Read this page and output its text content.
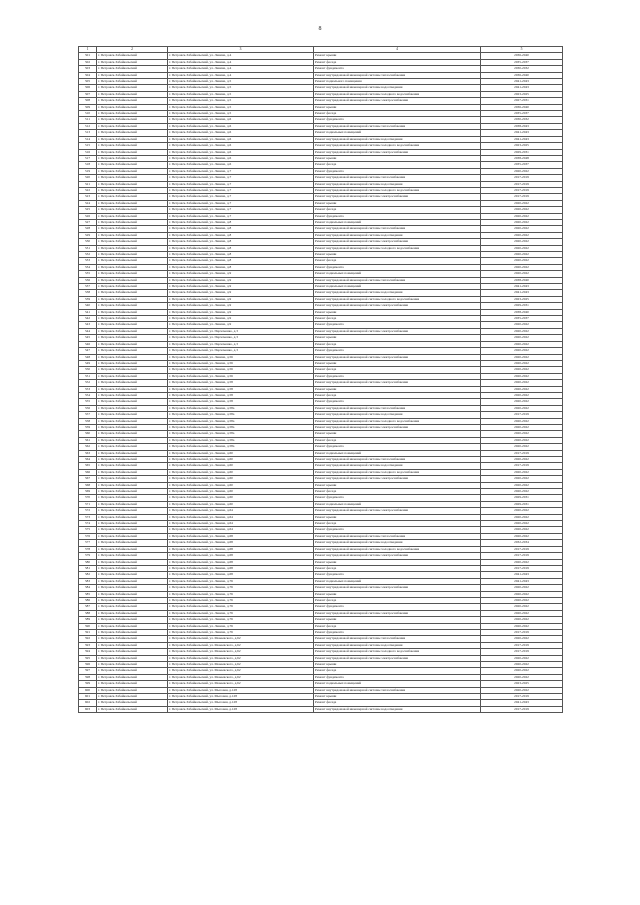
8
1	2	3	4	5
501	г. Петровск-Забайкальский	г. Петровск-Забайкальский, ул. Ленина, д.4	Ремонт крыши	2036-2040
502	г. Петровск-Забайкальский	г. Петровск-Забайкальский, ул. Ленина, д.4	Ремонт фасада	2035-2037
503	г. Петровск-Забайкальский	г. Петровск-Забайкальский, ул. Ленина, д.4	Ремонт фундамента	2030-2032
504	г. Петровск-Забайкальский	г. Петровск-Забайкальский, ул. Ленина, д.4	Ремонт внутридомовой инженерной системы теплоснабжения	2036-2040
505	г. Петровск-Забайкальский	г. Петровск-Забайкальский, ул. Ленина, д.5	Ремонт подвального помещения	2041-2043
506	г. Петровск-Забайкальский	г. Петровск-Забайкальский, ул. Ленина, д.5	Ремонт внутридомовой инженерной системы водоотведения	2041-2043
507	г. Петровск-Забайкальский	г. Петровск-Забайкальский, ул. Ленина, д.5	Ремонт внутридомовой инженерной системы холодного водоснабжения	2023-2025
508	г. Петровск-Забайкальский	г. Петровск-Забайкальский, ул. Ленина, д.5	Ремонт внутридомовой инженерной системы электроснабжения	2027-2031
509	г. Петровск-Забайкальский	г. Петровск-Забайкальский, ул. Ленина, д.5	Ремонт крыши	2036-2040
510	г. Петровск-Забайкальский	г. Петровск-Забайкальский, ул. Ленина, д.5	Ремонт фасада	2035-2037
511	г. Петровск-Забайкальский	г. Петровск-Забайкальский, ул. Ленина, д.6	Ремонт фундамента	2030-2032
512	г. Петровск-Забайкальский	г. Петровск-Забайкальский, ул. Ленина, д.6	Ремонт внутридомовой инженерной системы теплоснабжения	2038-2043
513	г. Петровск-Забайкальский	г. Петровск-Забайкальский, ул. Ленина, д.6	Ремонт подвальных помещений	2041-2043
514	г. Петровск-Забайкальский	г. Петровск-Забайкальский, ул. Ленина, д.6	Ремонт внутридомовой инженерной системы водоотведения	2041-2043
515	г. Петровск-Забайкальский	г. Петровск-Забайкальский, ул. Ленина, д.6	Ремонт внутридомовой инженерной системы холодного водоснабжения	2023-2025
516	г. Петровск-Забайкальский	г. Петровск-Забайкальский, ул. Ленина, д.6	Ремонт внутридомовой инженерной системы электроснабжения	2029-2031
517	г. Петровск-Забайкальский	г. Петровск-Забайкальский, ул. Ленина, д.6	Ремонт крыши	2038-2048
518	г. Петровск-Забайкальский	г. Петровск-Забайкальский, ул. Ленина, д.6	Ремонт фасада	2035-2037
519	г. Петровск-Забайкальский	г. Петровск-Забайкальский, ул. Ленина, д.7	Ремонт фундамента	2020-2022
520	г. Петровск-Забайкальский	г. Петровск-Забайкальский, ул. Ленина, д.7	Ремонт внутридомовой инженерной системы теплоснабжения	2017-2019
521	г. Петровск-Забайкальский	г. Петровск-Забайкальский, ул. Ленина, д.7	Ремонт внутридомовой инженерной системы водоотведения	2017-2019
522	г. Петровск-Забайкальский	г. Петровск-Забайкальский, ул. Ленина, д.7	Ремонт внутридомовой инженерной системы холодного водоснабжения	2017-2019
523	г. Петровск-Забайкальский	г. Петровск-Забайкальский, ул. Ленина, д.7	Ремонт внутридомовой инженерной системы электроснабжения	2017-2019
524	г. Петровск-Забайкальский	г. Петровск-Забайкальский, ул. Ленина, д.7	Ремонт крыши	2020-2022
525	г. Петровск-Забайкальский	г. Петровск-Забайкальский, ул. Ленина, д.7	Ремонт фасада	2020-2022
526	г. Петровск-Забайкальский	г. Петровск-Забайкальский, ул. Ленина, д.7	Ремонт фундамента	2020-2022
527	г. Петровск-Забайкальский	г. Петровск-Забайкальский, ул. Ленина, д.8	Ремонт подвальных помещений	2020-2022
528	г. Петровск-Забайкальский	г. Петровск-Забайкальский, ул. Ленина, д.8	Ремонт внутридомовой инженерной системы теплоснабжения	2020-2022
529	г. Петровск-Забайкальский	г. Петровск-Забайкальский, ул. Ленина, д.8	Ремонт внутридомовой инженерной системы водоотведения	2020-2022
530	г. Петровск-Забайкальский	г. Петровск-Забайкальский, ул. Ленина, д.8	Ремонт внутридомовой инженерной системы электроснабжения	2020-2022
531	г. Петровск-Забайкальский	г. Петровск-Забайкальский, ул. Ленина, д.8	Ремонт внутридомовой инженерной системы холодного водоснабжения	2020-2022
532	г. Петровск-Забайкальский	г. Петровск-Забайкальский, ул. Ленина, д.8	Ремонт крыши	2020-2022
533	г. Петровск-Забайкальский	г. Петровск-Забайкальский, ул. Ленина, д.8	Ремонт фасада	2020-2022
534	г. Петровск-Забайкальский	г. Петровск-Забайкальский, ул. Ленина, д.8	Ремонт фундамента	2020-2022
535	г. Петровск-Забайкальский	г. Петровск-Забайкальский, ул. Ленина, д.9	Ремонт подвальных помещений	2020-2022
536	г. Петровск-Забайкальский	г. Петровск-Забайкальский, ул. Ленина, д.9	Ремонт внутридомовой инженерной системы теплоснабжения	2038-2040
537	г. Петровск-Забайкальский	г. Петровск-Забайкальский, ул. Ленина, д.9	Ремонт подвальных помещений	2041-2043
538	г. Петровск-Забайкальский	г. Петровск-Забайкальский, ул. Ленина, д.9	Ремонт внутридомовой инженерной системы водоотведения	2041-2043
539	г. Петровск-Забайкальский	г. Петровск-Забайкальский, ул. Ленина, д.9	Ремонт внутридомовой инженерной системы холодного водоснабжения	2023-2025
540	г. Петровск-Забайкальский	г. Петровск-Забайкальский, ул. Ленина, д.9	Ремонт внутридомовой инженерной системы электроснабжения	2029-2031
541	г. Петровск-Забайкальский	г. Петровск-Забайкальский, ул. Ленина, д.9	Ремонт крыши	2038-2040
542	г. Петровск-Забайкальский	г. Петровск-Забайкальский, ул. Ленина, д.9	Ремонт фасада	2035-2037
543	г. Петровск-Забайкальский	г. Петровск-Забайкальский, ул. Ленина, д.9	Ремонт фундамента	2020-2022
544	г. Петровск-Забайкальский	г. Петровск-Забайкальский, ул. Пархоменко, д.3	Ремонт внутридомовой инженерной системы электроснабжения	2020-2022
545	г. Петровск-Забайкальский	г. Петровск-Забайкальский, ул. Пархоменко, д.3	Ремонт крыши	2020-2022
546	г. Петровск-Забайкальский	г. Петровск-Забайкальский, ул. Пархоменко, д.3	Ремонт фасада	2020-2022
547	г. Петровск-Забайкальский	г. Петровск-Забайкальский, ул. Пархоменко, д.3	Ремонт фундамента	2020-2022
548	г. Петровск-Забайкальский	г. Петровск-Забайкальский, ул. Ленина, д.56	Ремонт внутридомовой инженерной системы электроснабжения	2020-2022
549	г. Петровск-Забайкальский	г. Петровск-Забайкальский, ул. Ленина, д.56	Ремонт крыши	2020-2022
550	г. Петровск-Забайкальский	г. Петровск-Забайкальский, ул. Ленина, д.56	Ремонт фасада	2020-2022
551	г. Петровск-Забайкальский	г. Петровск-Забайкальский, ул. Ленина, д.56	Ремонт фундамента	2020-2022
552	г. Петровск-Забайкальский	г. Петровск-Забайкальский, ул. Ленина, д.58	Ремонт внутридомовой инженерной системы электроснабжения	2020-2022
553	г. Петровск-Забайкальский	г. Петровск-Забайкальский, ул. Ленина, д.58	Ремонт крыши	2020-2022
554	г. Петровск-Забайкальский	г. Петровск-Забайкальский, ул. Ленина, д.58	Ремонт фасада	2020-2022
555	г. Петровск-Забайкальский	г. Петровск-Забайкальский, ул. Ленина, д.58	Ремонт фундамента	2020-2022
556	г. Петровск-Забайкальский	г. Петровск-Забайкальский, ул. Ленина, д.58а	Ремонт внутридомовой инженерной системы теплоснабжения	2020-2022
557	г. Петровск-Забайкальский	г. Петровск-Забайкальский, ул. Ленина, д.58а	Ремонт внутридомовой инженерной системы водоотведения	2017-2019
558	г. Петровск-Забайкальский	г. Петровск-Забайкальский, ул. Ленина, д.58а	Ремонт внутридомовой инженерной системы холодного водоснабжения	2020-2022
559	г. Петровск-Забайкальский	г. Петровск-Забайкальский, ул. Ленина, д.58а	Ремонт внутридомовой инженерной системы электроснабжения	2020-2022
560	г. Петровск-Забайкальский	г. Петровск-Забайкальский, ул. Ленина, д.58а	Ремонт крыши	2020-2022
561	г. Петровск-Забайкальский	г. Петровск-Забайкальский, ул. Ленина, д.58а	Ремонт фасада	2020-2022
562	г. Петровск-Забайкальский	г. Петровск-Забайкальский, ул. Ленина, д.58а	Ремонт фундамента	2020-2022
563	г. Петровск-Забайкальский	г. Петровск-Забайкальский, ул. Ленина, д.60	Ремонт подвальных помещений	2017-2019
564	г. Петровск-Забайкальский	г. Петровск-Забайкальский, ул. Ленина, д.60	Ремонт внутридомовой инженерной системы теплоснабжения	2020-2022
565	г. Петровск-Забайкальский	г. Петровск-Забайкальский, ул. Ленина, д.60	Ремонт внутридомовой инженерной системы водоотведения	2017-2019
566	г. Петровск-Забайкальский	г. Петровск-Забайкальский, ул. Ленина, д.60	Ремонт внутридомовой инженерной системы холодного водоснабжения	2020-2022
567	г. Петровск-Забайкальский	г. Петровск-Забайкальский, ул. Ленина, д.60	Ремонт внутридомовой инженерной системы электроснабжения	2020-2022
568	г. Петровск-Забайкальский	г. Петровск-Забайкальский, ул. Ленина, д.60	Ремонт крыши	2020-2022
569	г. Петровск-Забайкальский	г. Петровск-Забайкальский, ул. Ленина, д.60	Ремонт фасада	2020-2022
570	г. Петровск-Забайкальский	г. Петровск-Забайкальский, ул. Ленина, д.60	Ремонт фундамента	2029-2031
571	г. Петровск-Забайкальский	г. Петровск-Забайкальский, ул. Ленина, д.60	Ремонт подвальных помещений	2029-2031
572	г. Петровск-Забайкальский	г. Петровск-Забайкальский, ул. Ленина, д.64	Ремонт внутридомовой инженерной системы электроснабжения	2020-2022
573	г. Петровск-Забайкальский	г. Петровск-Забайкальский, ул. Ленина, д.64	Ремонт крыши	2020-2022
574	г. Петровск-Забайкальский	г. Петровск-Забайкальский, ул. Ленина, д.64	Ремонт фасада	2020-2022
575	г. Петровск-Забайкальский	г. Петровск-Забайкальский, ул. Ленина, д.64	Ремонт фундамента	2020-2022
576	г. Петровск-Забайкальский	г. Петровск-Забайкальский, ул. Ленина, д.68	Ремонт внутридомовой инженерной системы теплоснабжения	2020-2022
577	г. Петровск-Забайкальский	г. Петровск-Забайкальский, ул. Ленина, д.68	Ремонт внутридомовой инженерной системы водоотведения	2032-2034
578	г. Петровск-Забайкальский	г. Петровск-Забайкальский, ул. Ленина, д.68	Ремонт внутридомовой инженерной системы холодного водоснабжения	2017-2019
579	г. Петровск-Забайкальский	г. Петровск-Забайкальский, ул. Ленина, д.68	Ремонт внутридомовой инженерной системы электроснабжения	2017-2019
580	г. Петровск-Забайкальский	г. Петровск-Забайкальский, ул. Ленина, д.68	Ремонт крыши	2020-2022
581	г. Петровск-Забайкальский	г. Петровск-Забайкальский, ул. Ленина, д.68	Ремонт фасада	2017-2019
582	г. Петровск-Забайкальский	г. Петровск-Забайкальский, ул. Ленина, д.68	Ремонт фундамента	2041-2043
583	г. Петровск-Забайкальский	г. Петровск-Забайкальский, ул. Ленина, д.76	Ремонт подвальных помещений	2041-2043
584	г. Петровск-Забайкальский	г. Петровск-Забайкальский, ул. Ленина, д.76	Ремонт внутридомовой инженерной системы электроснабжения	2020-2022
585	г. Петровск-Забайкальский	г. Петровск-Забайкальский, ул. Ленина, д.76	Ремонт крыши	2020-2022
586	г. Петровск-Забайкальский	г. Петровск-Забайкальский, ул. Ленина, д.76	Ремонт фасада	2020-2022
587	г. Петровск-Забайкальский	г. Петровск-Забайкальский, ул. Ленина, д.76	Ремонт фундамента	2020-2022
588	г. Петровск-Забайкальский	г. Петровск-Забайкальский, ул. Ленина, д.76	Ремонт внутридомовой инженерной системы электроснабжения	2020-2022
589	г. Петровск-Забайкальский	г. Петровск-Забайкальский, ул. Ленина, д.76	Ремонт крыши	2020-2022
590	г. Петровск-Забайкальский	г. Петровск-Забайкальский, ул. Ленина, д.76	Ремонт фасада	2020-2022
591	г. Петровск-Забайкальский	г. Петровск-Забайкальский, ул. Ленина, д.76	Ремонт фундамента	2017-2019
592	г. Петровск-Забайкальский	г. Петровск-Забайкальский, ул. Мокеевского, д.62	Ремонт внутридомовой инженерной системы теплоснабжения	2020-2022
593	г. Петровск-Забайкальский	г. Петровск-Забайкальский, ул. Мокеевского, д.62	Ремонт внутридомовой инженерной системы водоотведения	2017-2019
594	г. Петровск-Забайкальский	г. Петровск-Забайкальский, ул. Мокеевского, д.62	Ремонт внутридомовой инженерной системы холодного водоснабжения	2017-2019
595	г. Петровск-Забайкальский	г. Петровск-Забайкальский, ул. Мокеевского, д.62	Ремонт внутридомовой инженерной системы электроснабжения	2020-2022
596	г. Петровск-Забайкальский	г. Петровск-Забайкальский, ул. Мокеевского, д.62	Ремонт крыши	2020-2022
597	г. Петровск-Забайкальский	г. Петровск-Забайкальский, ул. Мокеевского, д.62	Ремонт фасада	2020-2022
598	г. Петровск-Забайкальский	г. Петровск-Забайкальский, ул. Мокеевского, д.62	Ремонт фундамента	2020-2022
599	г. Петровск-Забайкальский	г. Петровск-Забайкальский, ул. Мокеевского, д.62	Ремонт подвальных помещений	2023-2025
600	г. Петровск-Забайкальский	г. Петровск-Забайкальский, ул. Мысовая, д.128	Ремонт внутридомовой инженерной системы теплоснабжения	2020-2022
601	г. Петровск-Забайкальский	г. Петровск-Забайкальский, ул. Мысовая, д.128	Ремонт крыши	2017-2019
602	г. Петровск-Забайкальский	г. Петровск-Забайкальский, ул. Мысовая, д.128	Ремонт фасада	2041-2043
603	г. Петровск-Забайкальский	г. Петровск-Забайкальский, ул. Мысовая, д.128	Ремонт внутридомовой инженерной системы водоотведения	2017-2019
